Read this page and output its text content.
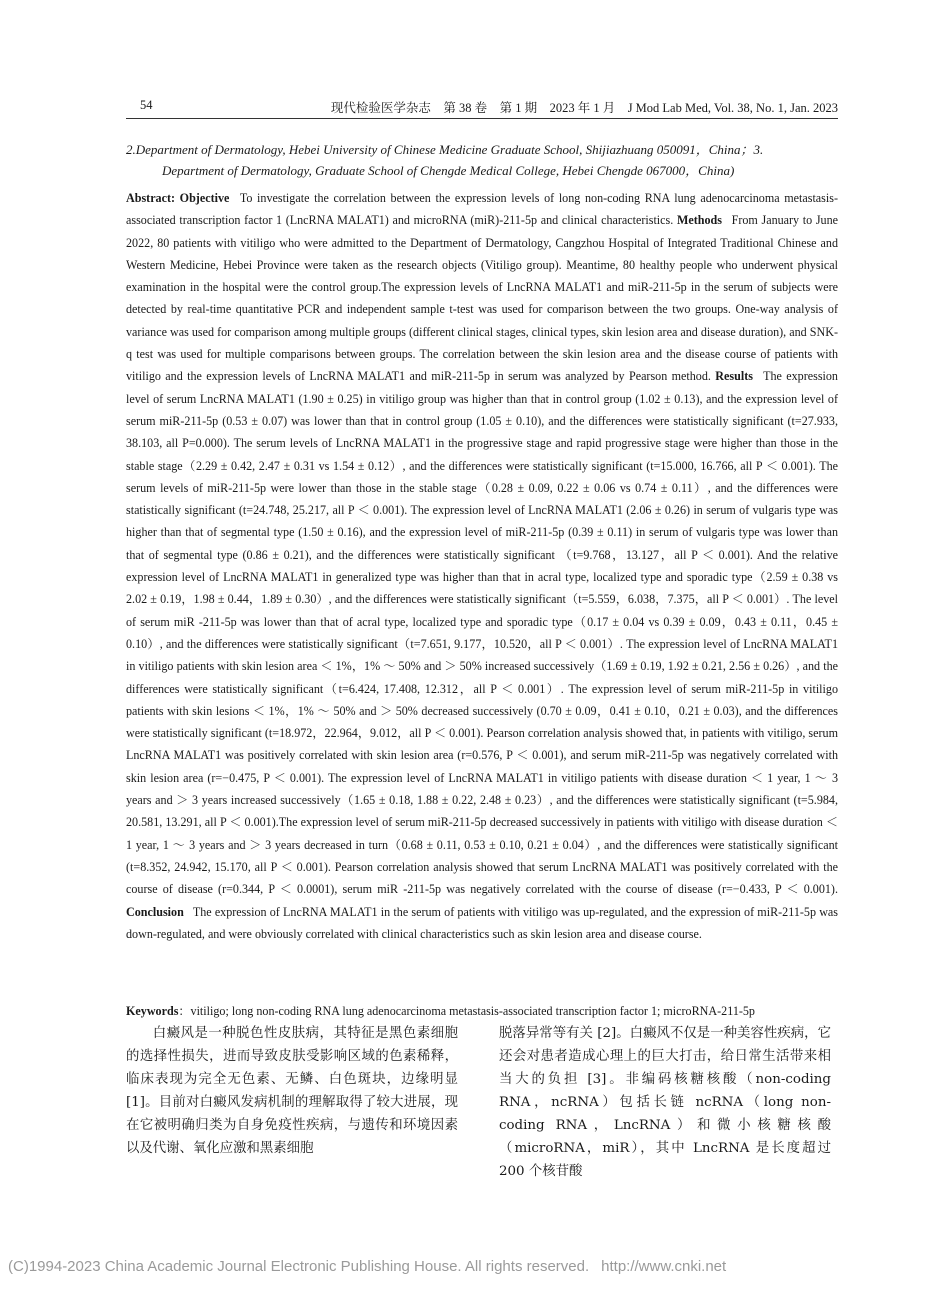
54	现代检验医学杂志　第 38 卷　第 1 期　2023 年 1 月　J Mod Lab Med, Vol. 38, No. 1, Jan. 2023
2.Department of Dermatology, Hebei University of Chinese Medicine Graduate School, Shijiazhuang 050091，China；3.
Department of Dermatology, Graduate School of Chengde Medical College, Hebei Chengde 067000，China)
Abstract: Objective To investigate the correlation between the expression levels of long non-coding RNA lung adenocarcinoma metastasis-associated transcription factor 1 (LncRNA MALAT1) and microRNA (miR)-211-5p and clinical characteristics. Methods From January to June 2022, 80 patients with vitiligo who were admitted to the Department of Dermatology, Cangzhou Hospital of Integrated Traditional Chinese and Western Medicine, Hebei Province were taken as the research objects (Vitiligo group). Meantime, 80 healthy people who underwent physical examination in the hospital were the control group.The expression levels of LncRNA MALAT1 and miR-211-5p in the serum of subjects were detected by real-time quantitative PCR and independent sample t-test was used for comparison between the two groups. One-way analysis of variance was used for comparison among multiple groups (different clinical stages, clinical types, skin lesion area and disease duration), and SNK-q test was used for multiple comparisons between groups. The correlation between the skin lesion area and the disease course of patients with vitiligo and the expression levels of LncRNA MALAT1 and miR-211-5p in serum was analyzed by Pearson method. Results The expression level of serum LncRNA MALAT1 (1.90 ± 0.25) in vitiligo group was higher than that in control group (1.02 ± 0.13), and the expression level of serum miR-211-5p (0.53 ± 0.07) was lower than that in control group (1.05 ± 0.10), and the differences were statistically significant (t=27.933, 38.103, all P=0.000). The serum levels of LncRNA MALAT1 in the progressive stage and rapid progressive stage were higher than those in the stable stage（2.29 ± 0.42, 2.47 ± 0.31 vs 1.54 ± 0.12）, and the differences were statistically significant (t=15.000, 16.766, all P ＜ 0.001). The serum levels of miR-211-5p were lower than those in the stable stage（0.28 ± 0.09, 0.22 ± 0.06 vs 0.74 ± 0.11）, and the differences were statistically significant (t=24.748, 25.217, all P ＜ 0.001). The expression level of LncRNA MALAT1 (2.06 ± 0.26) in serum of vulgaris type was higher than that of segmental type (1.50 ± 0.16), and the expression level of miR-211-5p (0.39 ± 0.11) in serum of vulgaris type was lower than that of segmental type (0.86 ± 0.21), and the differences were statistically significant （t=9.768，13.127，all P ＜ 0.001). And the relative expression level of LncRNA MALAT1 in generalized type was higher than that in acral type, localized type and sporadic type（2.59 ± 0.38 vs 2.02 ± 0.19，1.98 ± 0.44，1.89 ± 0.30）, and the differences were statistically significant（t=5.559，6.038，7.375，all P ＜ 0.001）. The level of serum miR -211-5p was lower than that of acral type, localized type and sporadic type（0.17 ± 0.04 vs 0.39 ± 0.09，0.43 ± 0.11，0.45 ± 0.10）, and the differences were statistically significant（t=7.651, 9.177，10.520，all P ＜ 0.001）. The expression level of LncRNA MALAT1 in vitiligo patients with skin lesion area ＜ 1%，1% ～ 50% and ＞ 50% increased successively（1.69 ± 0.19, 1.92 ± 0.21, 2.56 ± 0.26）, and the differences were statistically significant（t=6.424, 17.408, 12.312，all P ＜ 0.001）. The expression level of serum miR-211-5p in vitiligo patients with skin lesions ＜ 1%，1% ～ 50% and ＞ 50% decreased successively (0.70 ± 0.09，0.41 ± 0.10，0.21 ± 0.03), and the differences were statistically significant (t=18.972，22.964，9.012，all P ＜ 0.001). Pearson correlation analysis showed that, in patients with vitiligo, serum LncRNA MALAT1 was positively correlated with skin lesion area (r=0.576, P ＜ 0.001), and serum miR-211-5p was negatively correlated with skin lesion area (r=−0.475, P ＜ 0.001). The expression level of LncRNA MALAT1 in vitiligo patients with disease duration ＜ 1 year, 1 ～ 3 years and ＞ 3 years increased successively（1.65 ± 0.18, 1.88 ± 0.22, 2.48 ± 0.23）, and the differences were statistically significant (t=5.984, 20.581, 13.291, all P ＜ 0.001).The expression level of serum miR-211-5p decreased successively in patients with vitiligo with disease duration ＜ 1 year, 1 ～ 3 years and ＞ 3 years decreased in turn（0.68 ± 0.11, 0.53 ± 0.10, 0.21 ± 0.04）, and the differences were statistically significant (t=8.352, 24.942, 15.170, all P ＜ 0.001). Pearson correlation analysis showed that serum LncRNA MALAT1 was positively correlated with the course of disease (r=0.344, P ＜ 0.0001), serum miR -211-5p was negatively correlated with the course of disease (r=−0.433, P ＜ 0.001). Conclusion The expression of LncRNA MALAT1 in the serum of patients with vitiligo was up-regulated, and the expression of miR-211-5p was down-regulated, and were obviously correlated with clinical characteristics such as skin lesion area and disease course.
Keywords：vitiligo; long non-coding RNA lung adenocarcinoma metastasis-associated transcription factor 1; microRNA-211-5p
白癜风是一种脱色性皮肤病，其特征是黑色素细胞的选择性损失，进而导致皮肤受影响区域的色素稀释，临床表现为完全无色素、无鳞、白色斑块，边缘明显 [1]。目前对白癜风发病机制的理解取得了较大进展，现在它被明确归类为自身免疫性疾病，与遗传和环境因素以及代谢、氧化应激和黑素细胞
脱落异常等有关 [2]。白癜风不仅是一种美容性疾病，它还会对患者造成心理上的巨大打击，给日常生活带来相当大的负担 [3]。非编码核糖核酸（non-coding RNA，ncRNA）包括长链 ncRNA（long non-coding RNA，LncRNA）和微小核糖核酸（microRNA，miR），其中 LncRNA 是长度超过 200 个核苷酸
(C)1994-2023 China Academic Journal Electronic Publishing House. All rights reserved. http://www.cnki.net
